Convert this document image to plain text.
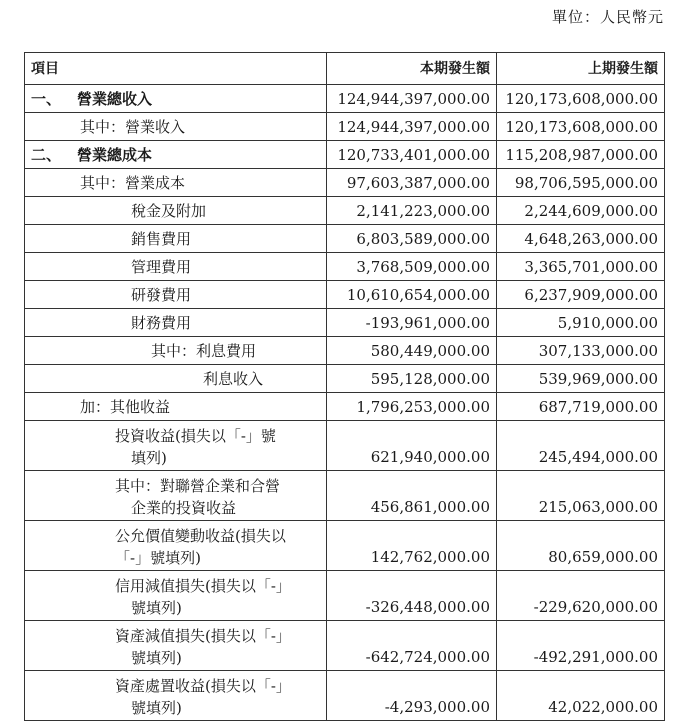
單位：人民幣元
項目	本期發生額	上期發生額
一、 營業總收入	124,944,397,000.00	120,173,608,000.00
其中：營業收入	124,944,397,000.00	120,173,608,000.00
二、 營業總成本	120,733,401,000.00	115,208,987,000.00
其中：營業成本	97,603,387,000.00	98,706,595,000.00
稅金及附加	2,141,223,000.00	2,244,609,000.00
銷售費用	6,803,589,000.00	4,648,263,000.00
管理費用	3,768,509,000.00	3,365,701,000.00
研發費用	10,610,654,000.00	6,237,909,000.00
財務費用	-193,961,000.00	5,910,000.00
其中：利息費用	580,449,000.00	307,133,000.00
利息收入	595,128,000.00	539,969,000.00
加：其他收益	1,796,253,000.00	687,719,000.00

投資收益(損失以「-」號
填列)	621,940,000.00	245,494,000.00

其中：對聯營企業和合營
企業的投資收益	456,861,000.00	215,063,000.00

公允價值變動收益(損失以
「-」號填列)	142,762,000.00	80,659,000.00

信用減值損失(損失以「-」
號填列)	-326,448,000.00	-229,620,000.00

資產減值損失(損失以「-」
號填列)	-642,724,000.00	-492,291,000.00

資產處置收益(損失以「-」
號填列)	-4,293,000.00	42,022,000.00
